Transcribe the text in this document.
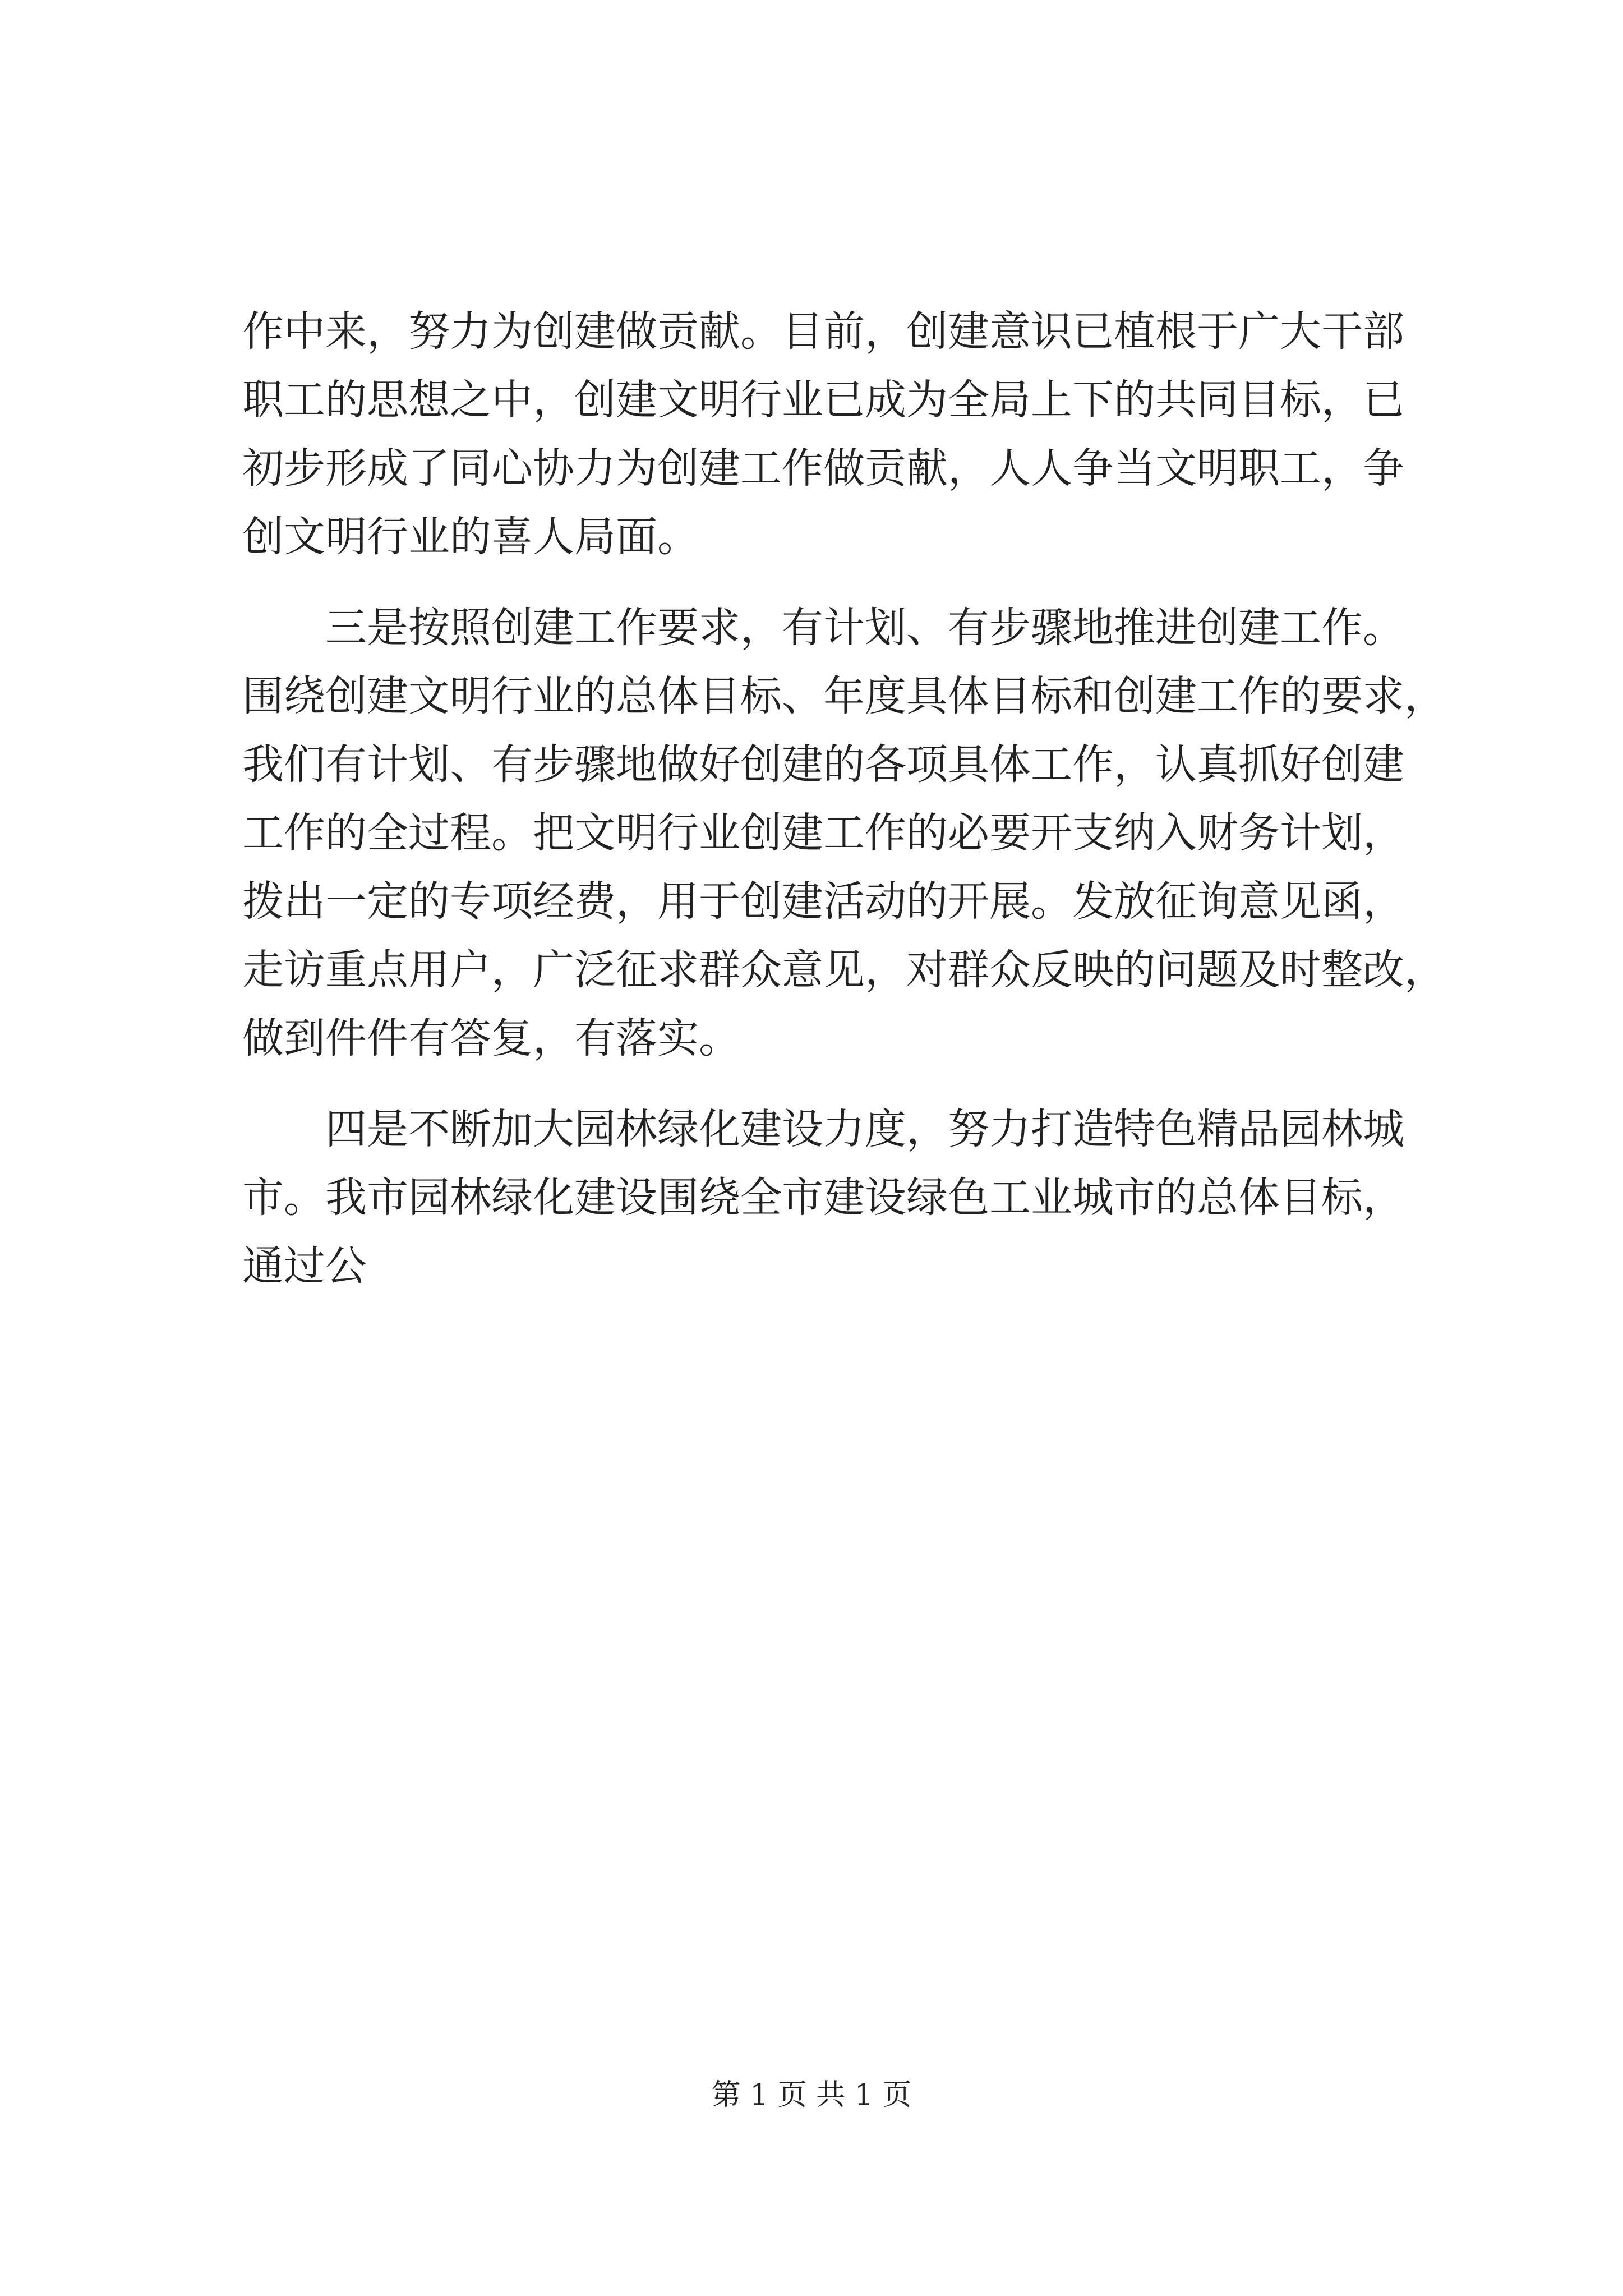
作中来，努力为创建做贡献。目前，创建意识已植根于广大干部
职工的思想之中，创建文明行业已成为全局上下的共同目标，已
初步形成了同心协力为创建工作做贡献，人人争当文明职工，争
创文明行业的喜人局面。
三是按照创建工作要求，有计划、有步骤地推进创建工作。
围绕创建文明行业的总体目标、年度具体目标和创建工作的要求，
我们有计划、有步骤地做好创建的各项具体工作，认真抓好创建
工作的全过程。把文明行业创建工作的必要开支纳入财务计划，
拨出一定的专项经费，用于创建活动的开展。发放征询意见函，
走访重点用户，广泛征求群众意见，对群众反映的问题及时整改，
做到件件有答复，有落实。
四是不断加大园林绿化建设力度，努力打造特色精品园林城
市。我市园林绿化建设围绕全市建设绿色工业城市的总体目标，
通过公
第 1 页 共 1 页
